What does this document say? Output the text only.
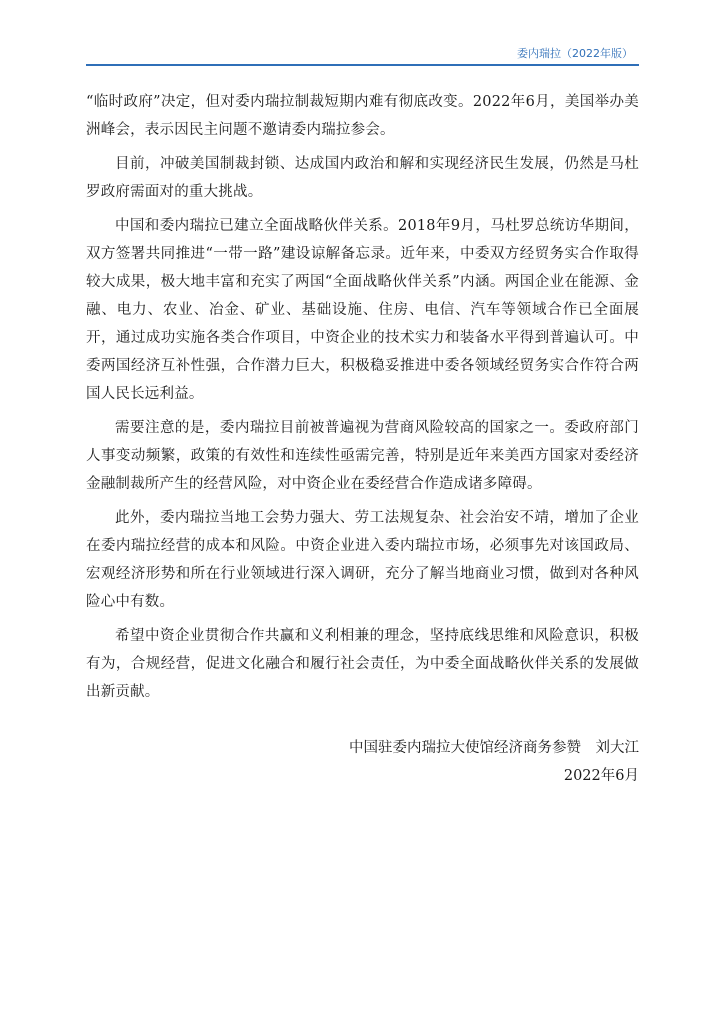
委内瑞拉（2022年版）

“临时政府”决定，但对委内瑞拉制裁短期内难有彻底改变。2022年6月，美国举办美洲峰会，表示因民主问题不邀请委内瑞拉参会。

目前，冲破美国制裁封锁、达成国内政治和解和实现经济民生发展，仍然是马杜罗政府需面对的重大挑战。

中国和委内瑞拉已建立全面战略伙伴关系。2018年9月，马杜罗总统访华期间，双方签署共同推进“一带一路”建设谅解备忘录。近年来，中委双方经贸务实合作取得较大成果，极大地丰富和充实了两国“全面战略伙伴关系”内涵。两国企业在能源、金融、电力、农业、冶金、矿业、基础设施、住房、电信、汽车等领域合作已全面展开，通过成功实施各类合作项目，中资企业的技术实力和装备水平得到普遍认可。中委两国经济互补性强，合作潜力巨大，积极稳妥推进中委各领域经贸务实合作符合两国人民长远利益。

需要注意的是，委内瑞拉目前被普遍视为营商风险较高的国家之一。委政府部门人事变动频繁，政策的有效性和连续性亟需完善，特别是近年来美西方国家对委经济金融制裁所产生的经营风险，对中资企业在委经营合作造成诸多障碍。

此外，委内瑞拉当地工会势力强大、劳工法规复杂、社会治安不靖，增加了企业在委内瑞拉经营的成本和风险。中资企业进入委内瑞拉市场，必须事先对该国政局、宏观经济形势和所在行业领域进行深入调研，充分了解当地商业习惯，做到对各种风险心中有数。

希望中资企业贯彻合作共赢和义利相兼的理念，坚持底线思维和风险意识，积极有为，合规经营，促进文化融合和履行社会责任，为中委全面战略伙伴关系的发展做出新贡献。

中国驻委内瑞拉大使馆经济商务参赞　刘大江
2022年6月
